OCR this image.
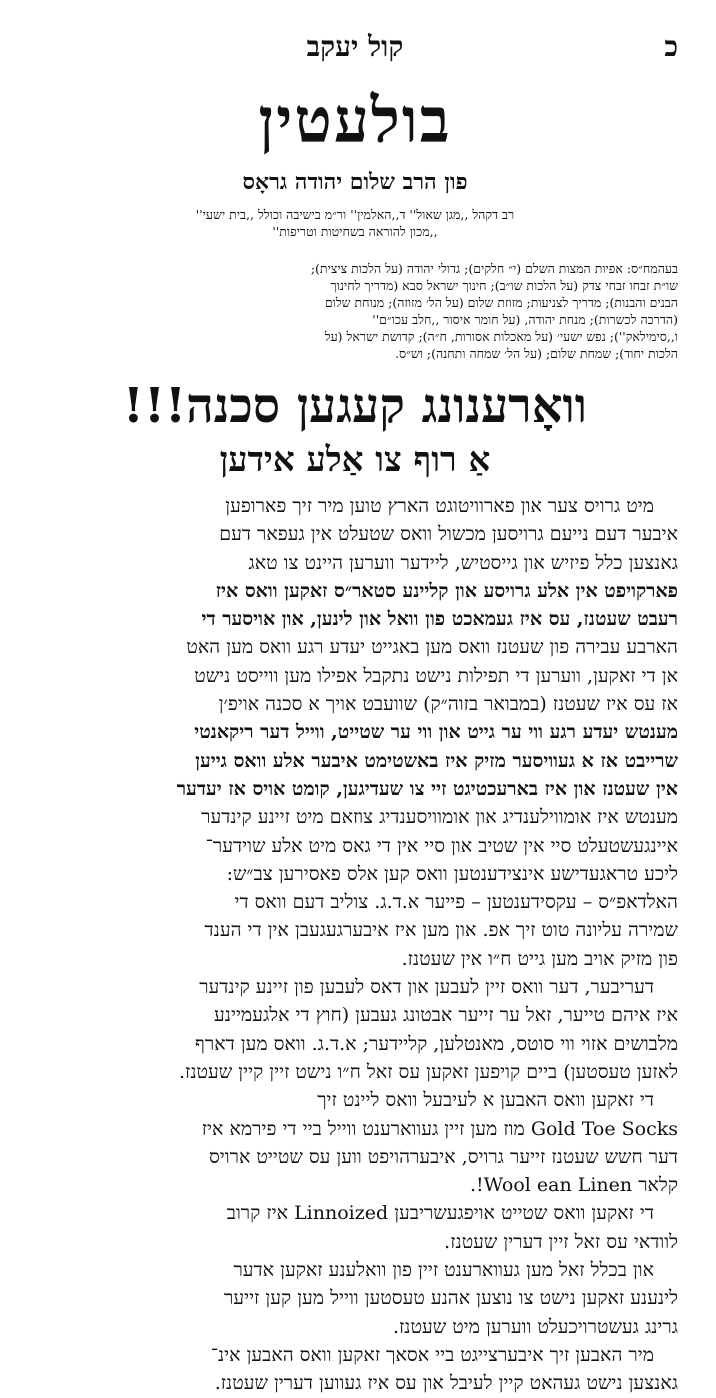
כ
קול יעקב
בולעטין
פון הרב שלום יהודה גראָס
רב דקהל ,,מגן שאול'' ד,,האלמין'' ור״מ בישיבה וכולל ,,בית ישעי''
,,מכון להוראה בשחיטות וטריפות''
בעהמח״ס: אפיות המצות השלם (י״ חלקים); גדולי יהודה (על הלכות ציצית);
שו״ת זבחו זבחי צדק (על הלכות שו״ב); חינוך ישראל סבא (מדריך לחינוך
הבנים והבנות); מדריך לצניעות; מזוזת שלום (על הל׳ מזוזה); מנוחת שלום
(הדרכה לכשרות); מנחת יהודה, (על חומר איסור ,,חלב עכו״ם''
ו,,סימילאק''); נפש ישעי׳ (על מאכלות אסורות, ח״ה); קדושת ישראל (על
הלכות יחוד); שמחת שלום; (על הל׳ שמחה ותחנה); וש״ס.
וואָרענונג קעגען סכנה!!!
אַ רוף צו אַלע אידען

מיט גרויס צער און פארוויטוגט הארץ טוען מיר זיך פארופען
איבער דעם נייעם גרויסען מכשול וואס שטעלט אין געפאר דעם
גאנצען כלל פיזיש און גייסטיש, ליידער ווערען היינט צו טאג
פארקויפט אין אלע גרויסע און קליינע סטאר״ס זאקען וואס איז
רעבט שעטנז, עס איז געמאכט פון וואל און לינען, און אויסער די
הארבע עבירה פון שעטנז וואס מען באגייט יעדע רגע וואס מען האט
אן די זאקען, ווערען די תפילות נישט נתקבל אפילו מען ווייסט נישט
אז עס איז שעטנז (במבואר בזוה״ק) שוועבט אויך א סכנה אויפ׳ן
מענטש יעדע רגע ווי ער גייט און ווי ער שטייט, ווייל דער ריקאנטי
שרייבט אז א געוויסער מזיק איז באשטימט איבער אלע וואס גייען
אין שעטנז און איז בארעכטיגט זיי צו שעדיגען, קומט אויס אז יעדער
מענטש איז אומווילענדיג און אומוויסענדיג צוזאם מיט זיינע קינדער
איינגעשטעלט סיי אין שטיב און סיי אין די גאס מיט אלע שוידער־
ליכע טראגעדישע אינצידענטען וואס קען אלס פאסירען צב״ש:
האלדאפ״ס – עקסידענטען – פייער א.ד.ג. צוליב דעם וואס די
שמירה עליונה טוט זיך אפ. און מען איז איבערגעגעבן אין די הענד
פון מזיק אויב מען גייט ח״ו אין שעטנז.

דעריבער, דער וואס זיין לעבען און דאס לעבען פון זיינע קינדער
איז איהם טייער, זאל ער זייער אבטונג געבען (חוץ די אלגעמיינע
מלבושים אזוי ווי סוטס, מאנטלען, קליידער; א.ד.ג. וואס מען דארף
לאזען טעסטען) ביים קויפען זאקען עס זאל ח״ו נישט זיין קיין שעטנז.

די זאקען וואס האבען א לעיבעל וואס ליינט זיך
Gold Toe Socks מוז מען זיין געווארענט ווייל ביי די פירמא איז
דער חשש שעטנז זייער גרויס, איבערהויפט ווען עס שטייט ארויס
קלאר Wool ean Linen!.

די זאקען וואס שטייט אויפגעשריבען Linnoized איז קרוב
לוודאי עס זאל זיין דערין שעטנז.

און בכלל זאל מען געווארענט זיין פון וואלענע זאקען אדער
לינענע זאקען נישט צו נוצען אהנע טעסטען ווייל מען קען זייער
גרינג געשטרויכעלט ווערען מיט שעטנז.

מיר האבען זיך איבערצייגט ביי אסאך זאקען וואס האבען אינ־
גאנצען נישט געהאט קיין לעיבל און עס איז געווען דערין שעטנז.
